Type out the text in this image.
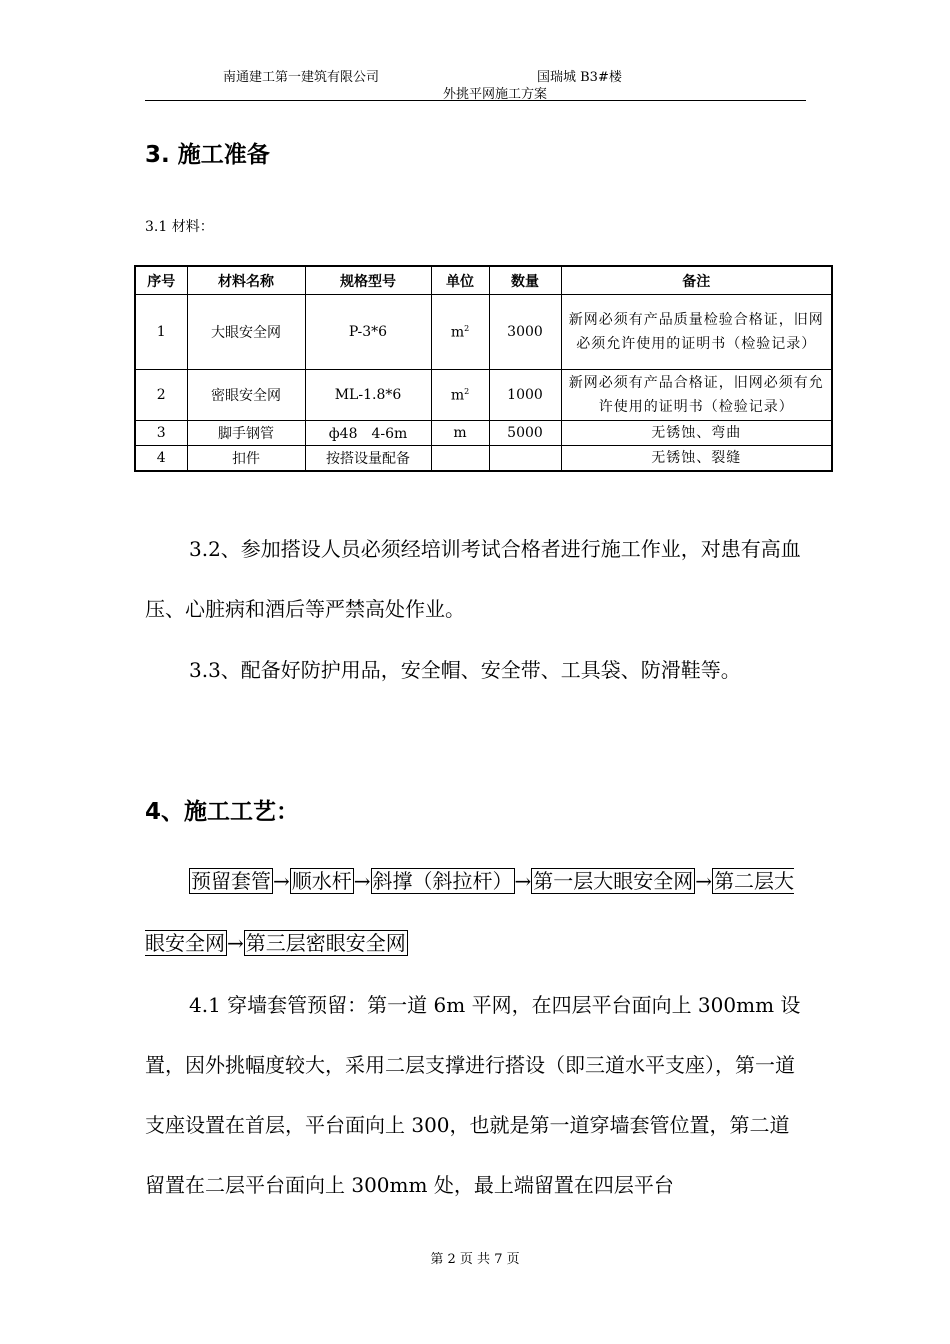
南通建工第一建筑有限公司	国瑞城 B3#楼
外挑平网施工方案
3. 施工准备
3.1 材料：
序号	材料名称	规格型号	单位	数量	备注
1	大眼安全网	P-3*6	$m^2$	3000	新网必须有产品质量检验合格证，旧网必须允许使用的证明书（检验记录）
2	密眼安全网	ML-1.8*6	$m^2$	1000	新网必须有产品合格证，旧网必须有允许使用的证明书（检验记录）
3	脚手钢管	ф48　4-6m	m	5000	无锈蚀、弯曲
4	扣件	按搭设量配备			无锈蚀、裂缝
3.2、参加搭设人员必须经培训考试合格者进行施工作业，对患有高血压、心脏病和酒后等严禁高处作业。
3.3、配备好防护用品，安全帽、安全带、工具袋、防滑鞋等。
4、施工工艺：
预留套管 → 顺水杆 → 斜撑（斜拉杆） → 第一层大眼安全网 → 第二层大眼安全网 → 第三层密眼安全网
4.1 穿墙套管预留：第一道 6m 平网，在四层平台面向上 300mm 设置，因外挑幅度较大，采用二层支撑进行搭设（即三道水平支座），第一道支座设置在首层，平台面向上 300，也就是第一道穿墙套管位置，第二道留置在二层平台面向上 300mm 处，最上端留置在四层平台
第 2 页 共 7 页
